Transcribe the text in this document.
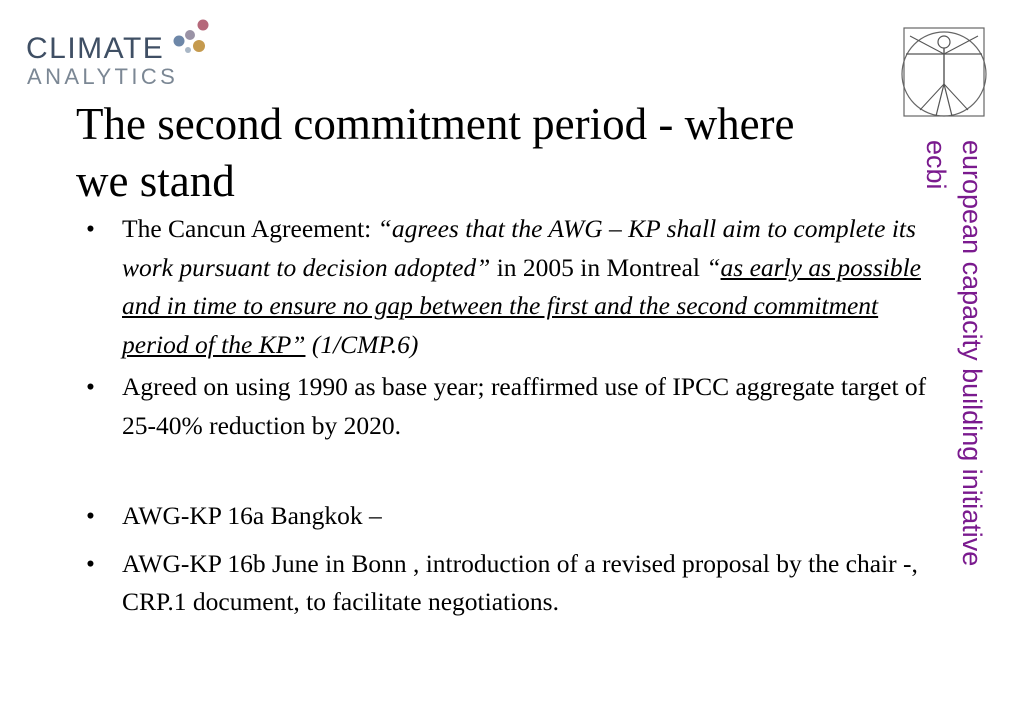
CLIMATE
ANALYTICS
The second commitment period - where
we stand	european capacity building initiative
ecbi
• The Cancun Agreement: “agrees that the AWG – KP shall aim to complete its work pursuant to decision adopted” in 2005 in Montreal “as early as possible and in time to ensure no gap between the first and the second commitment period of the KP” (1/CMP.6)
• Agreed on using 1990 as base year; reaffirmed use of IPCC aggregate target of 25-40% reduction by 2020.
• AWG-KP 16a Bangkok –
• AWG-KP 16b June in Bonn , introduction of a revised proposal by the chair -, CRP.1 document, to facilitate negotiations.
